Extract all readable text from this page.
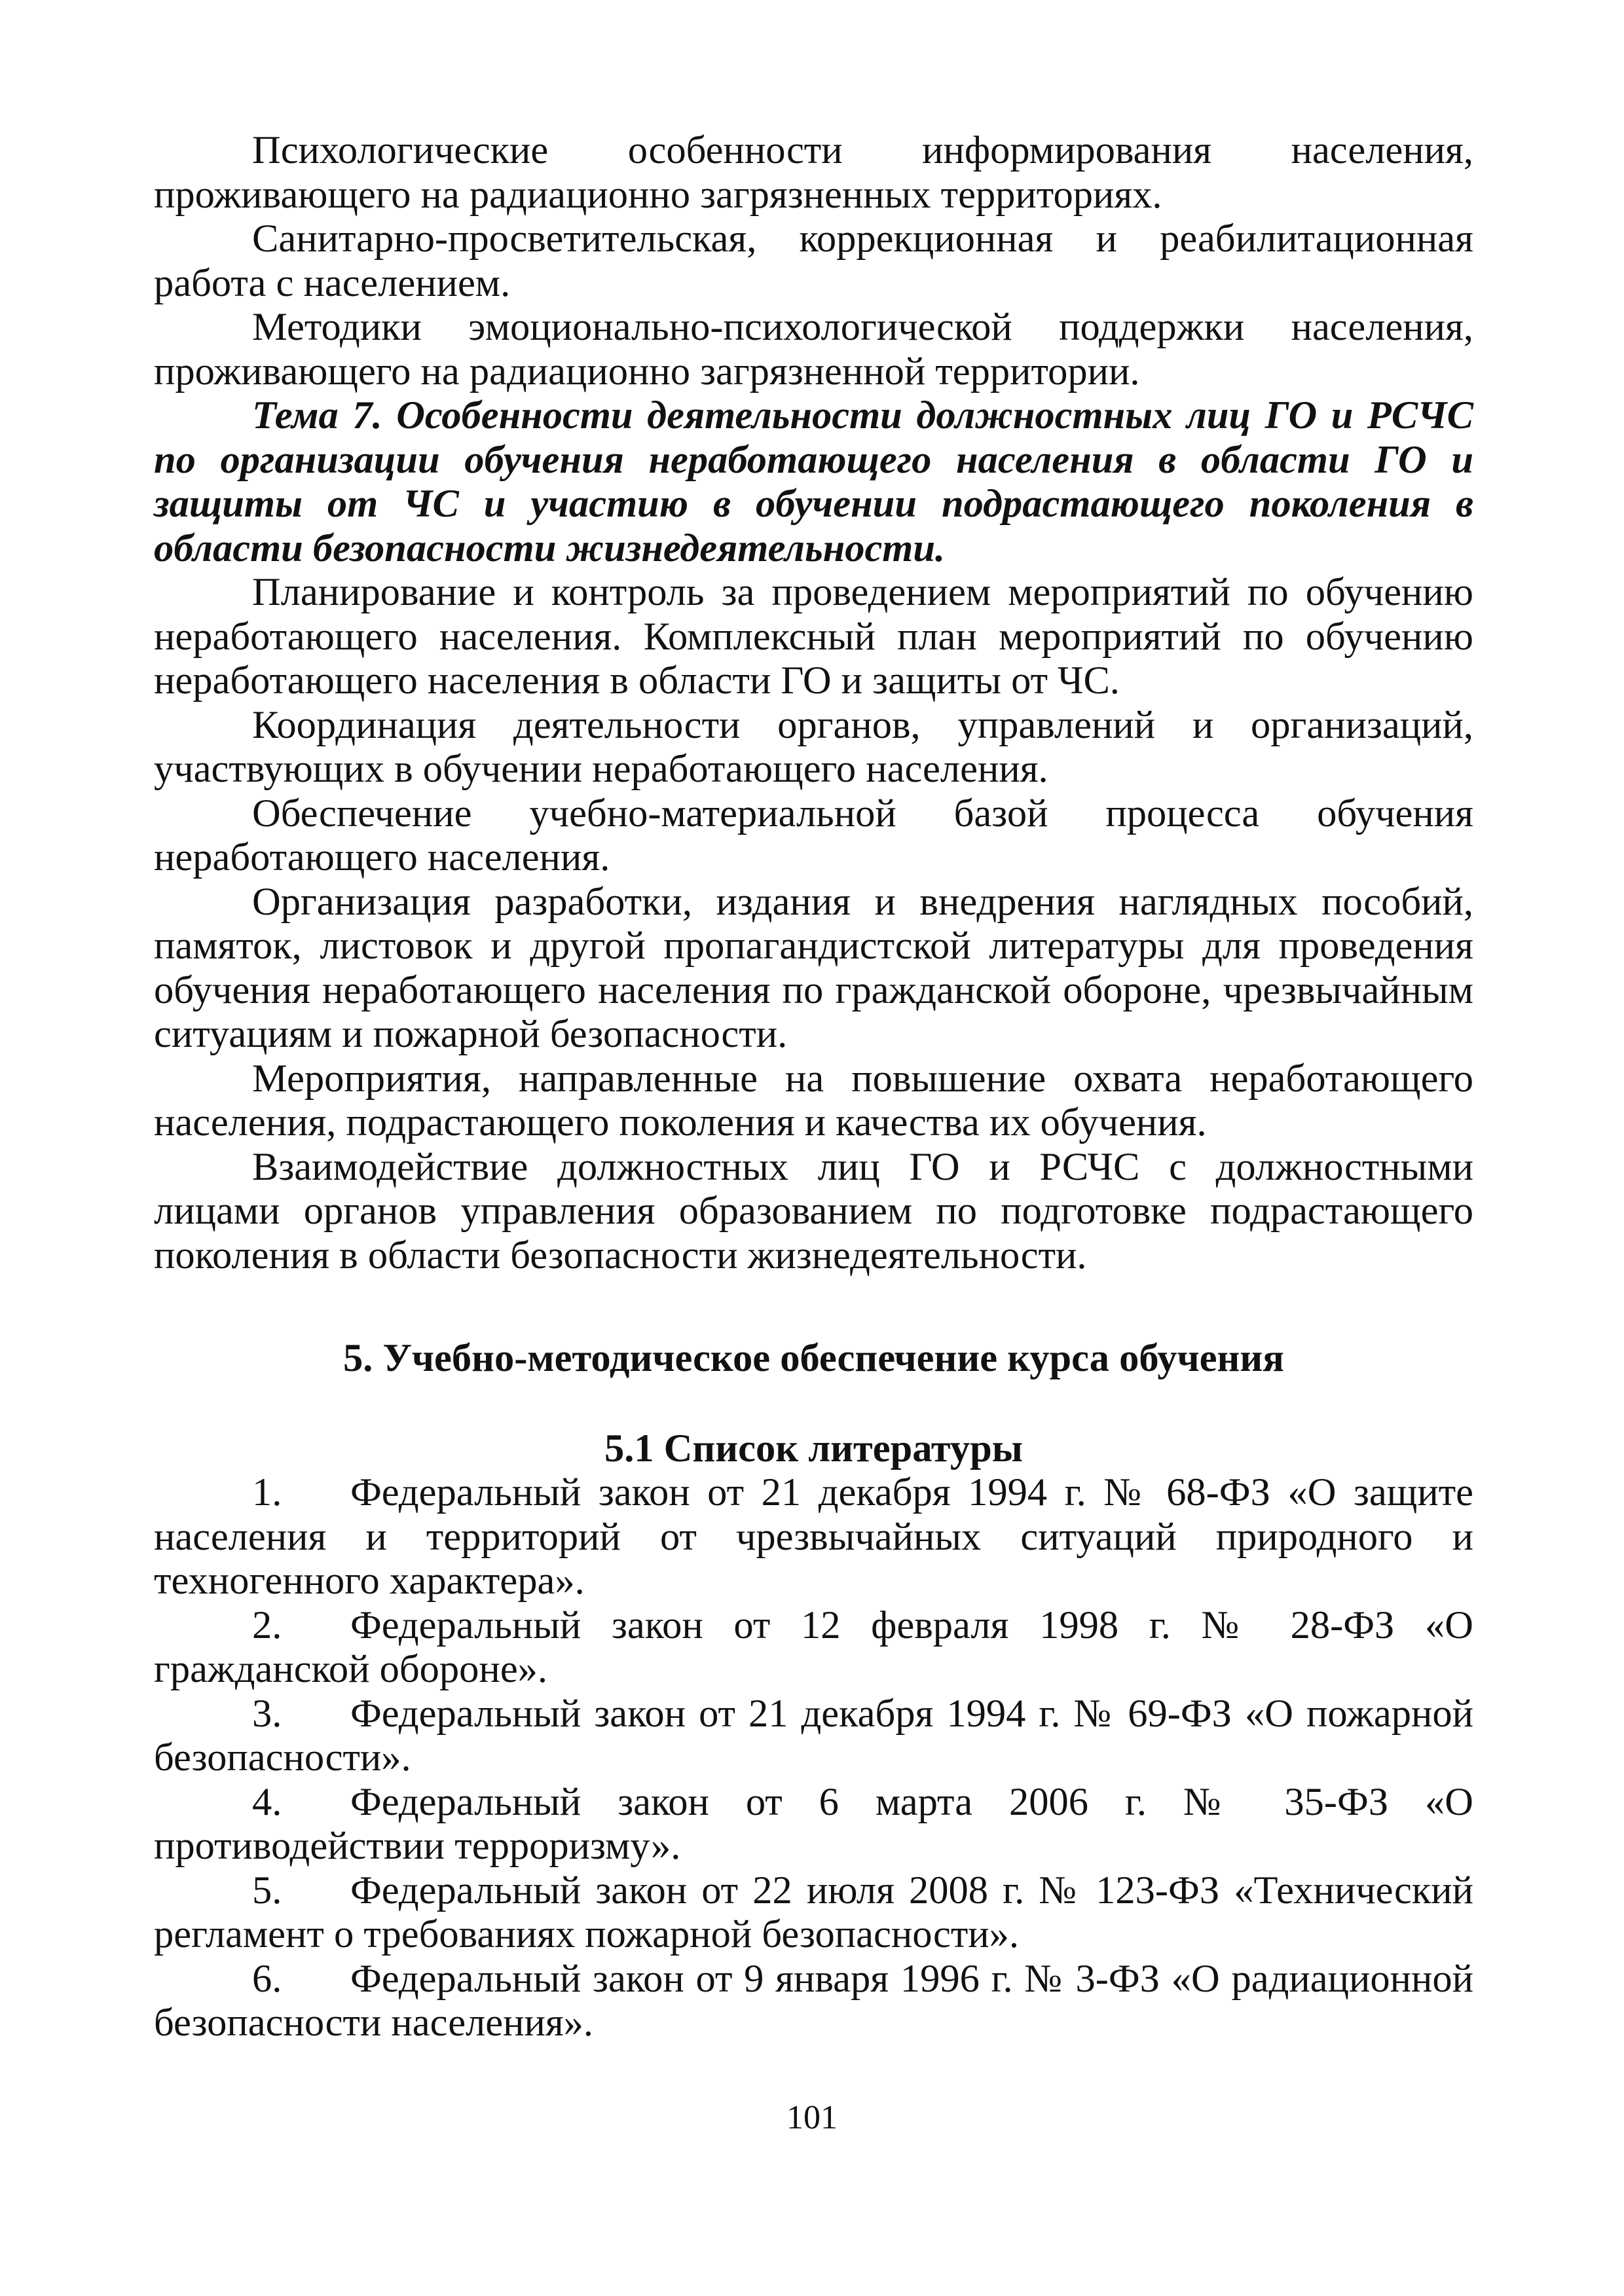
Психологические особенности информирования населения, проживающего на радиационно загрязненных территориях.

Санитарно-просветительская, коррекционная и реабилитационная работа с населением.

Методики эмоционально-психологической поддержки населения, проживающего на радиационно загрязненной территории.

Тема 7. Особенности деятельности должностных лиц ГО и РСЧС по организации обучения неработающего населения в области ГО и защиты от ЧС и участию в обучении подрастающего поколения в области безопасности жизнедеятельности.

Планирование и контроль за проведением мероприятий по обучению неработающего населения. Комплексный план мероприятий по обучению неработающего населения в области ГО и защиты от ЧС.

Координация деятельности органов, управлений и организаций, участвующих в обучении неработающего населения.

Обеспечение учебно-материальной базой процесса обучения неработающего населения.

Организация разработки, издания и внедрения наглядных пособий, памяток, листовок и другой пропагандистской литературы для проведения обучения неработающего населения по гражданской обороне, чрезвычайным ситуациям и пожарной безопасности.

Мероприятия, направленные на повышение охвата неработающего населения, подрастающего поколения и качества их обучения.

Взаимодействие должностных лиц ГО и РСЧС с должностными лицами органов управления образованием по подготовке подрастающего поколения в области безопасности жизнедеятельности.

5. Учебно-методическое обеспечение курса обучения
5.1 Список литературы
1. Федеральный закон от 21 декабря 1994 г. № 68-ФЗ «О защите населения и территорий от чрезвычайных ситуаций природного и техногенного характера».
2. Федеральный закон от 12 февраля 1998 г. № 28-ФЗ «О гражданской обороне».
3. Федеральный закон от 21 декабря 1994 г. № 69-ФЗ «О пожарной безопасности».
4. Федеральный закон от 6 марта 2006 г. № 35-ФЗ «О противодействии терроризму».
5. Федеральный закон от 22 июля 2008 г. № 123-ФЗ «Технический регламент о требованиях пожарной безопасности».
6. Федеральный закон от 9 января 1996 г. № 3-ФЗ «О радиационной безопасности населения».
101
